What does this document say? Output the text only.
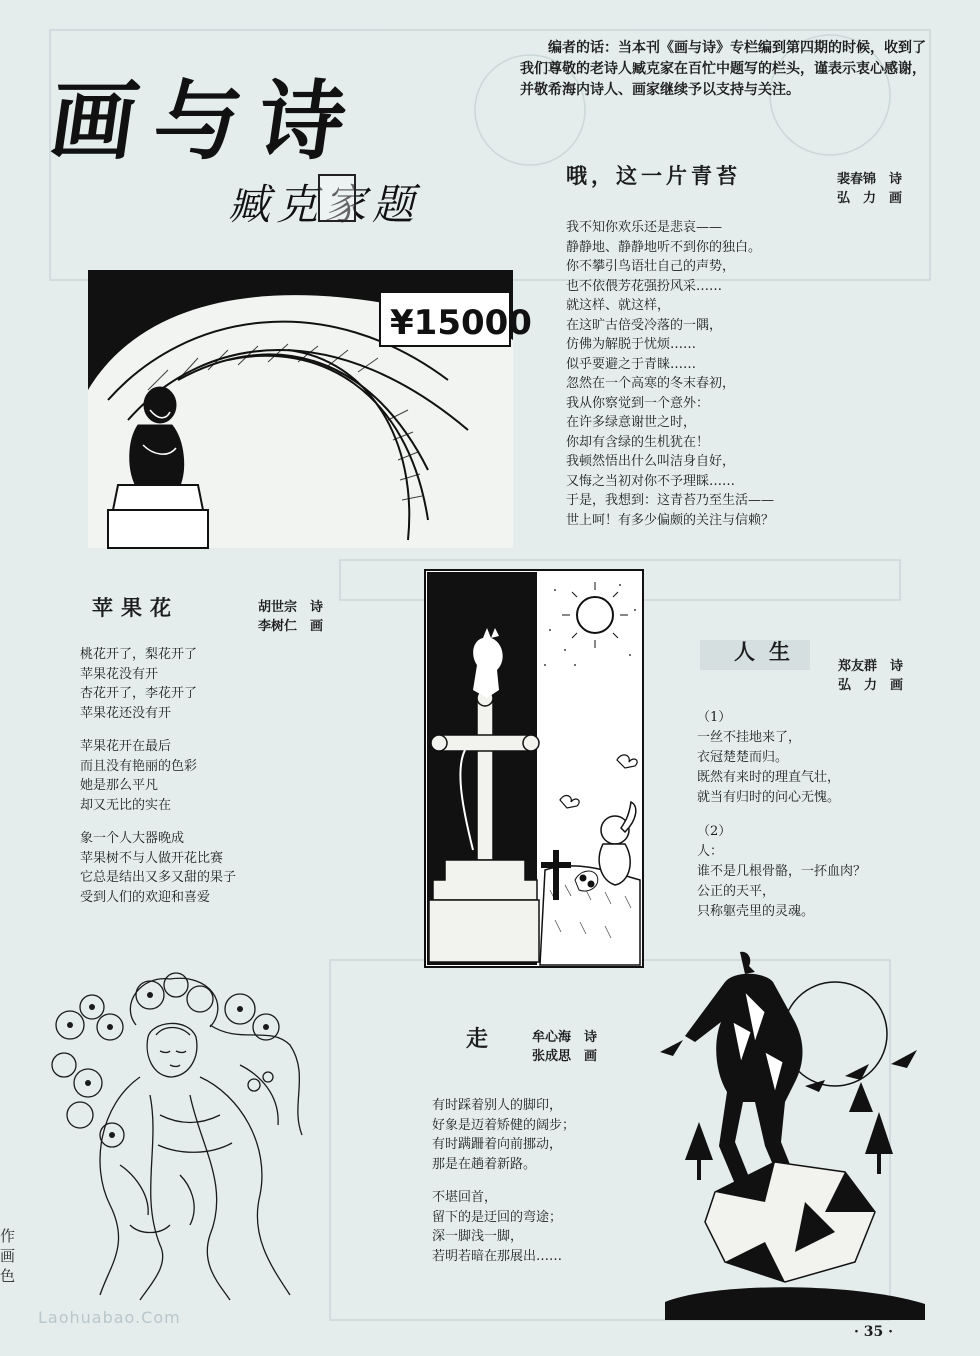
画与诗
臧克家题
编者的话：当本刊《画与诗》专栏编到第四期的时候，收到了我们尊敬的老诗人臧克家在百忙中题写的栏头，谨表示衷心感谢，并敬希海内诗人、画家继续予以支持与关注。
¥15000
哦，这一片青苔	裴春锦　诗
弘　力　画
我不知你欢乐还是悲哀——
静静地、静静地听不到你的独白。
你不攀引鸟语壮自己的声势，
也不依偎芳花强扮风采……
就这样、就这样，
在这旷古倍受冷落的一隅，
仿佛为解脱于忧烦……
似乎要避之于青睐……
忽然在一个高寒的冬末春初，
我从你察觉到一个意外：
在许多绿意谢世之时，
你却有含绿的生机犹在！
我顿然悟出什么叫洁身自好，
又悔之当初对你不予理睬……
于是，我想到：这青苔乃至生活——
世上呵！有多少偏颇的关注与信赖？
苹果花	胡世宗　诗
李树仁　画
桃花开了，梨花开了
苹果花没有开
杏花开了，李花开了
苹果花还没有开
苹果花开在最后
而且没有艳丽的色彩
她是那么平凡
却又无比的实在
象一个人大器晚成
苹果树不与人做开花比赛
它总是结出又多又甜的果子
受到人们的欢迎和喜爱
人生
郑友群　诗
弘　力　画
（1）
一丝不挂地来了，
衣冠楚楚而归。
既然有来时的理直气壮，
就当有归时的问心无愧。
（2）
人：
谁不是几根骨骼，一抔血肉？
公正的天平，
只称躯壳里的灵魂。
走	牟心海　诗
张成思　画
有时踩着别人的脚印，
好象是迈着矫健的阔步；
有时蹒跚着向前挪动，
那是在趟着新路。
不堪回首，
留下的是迂回的弯途；
深一脚浅一脚，
若明若暗在那展出……
Laohuabao.Com
· 35 ·
作
画
色
